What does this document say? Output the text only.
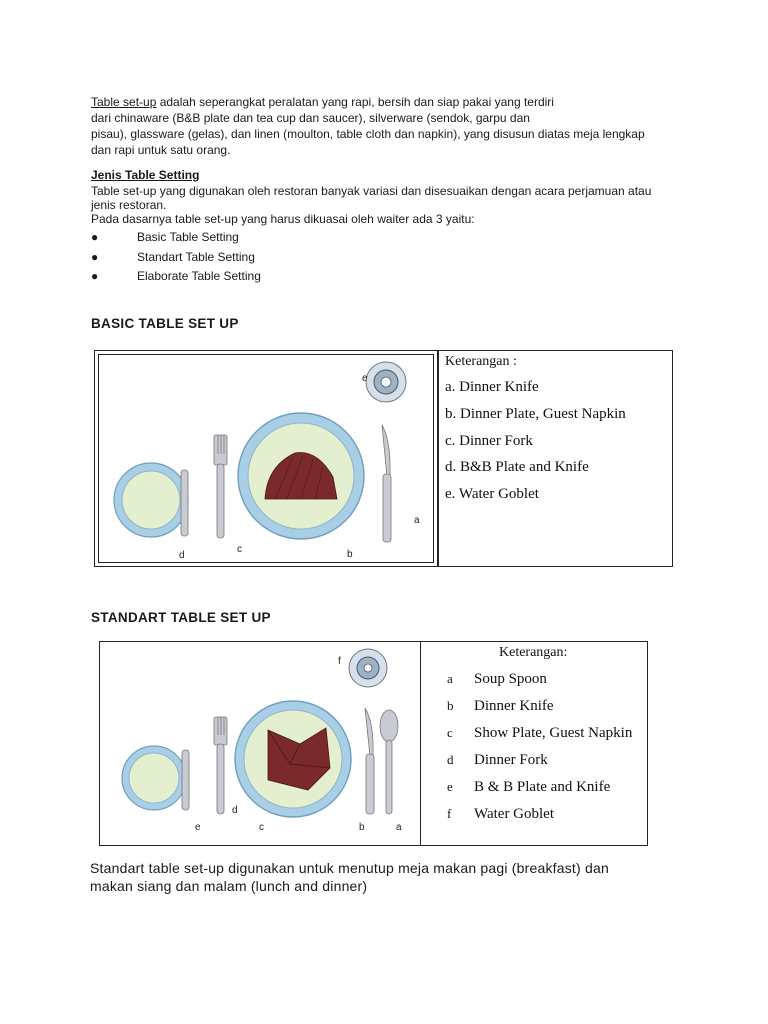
Table set-up adalah seperangkat peralatan yang rapi, bersih dan siap pakai yang terdiri
dari chinaware (B&B plate dan tea cup dan saucer), silverware (sendok, garpu dan
pisau), glassware (gelas), dan linen (moulton, table cloth dan napkin), yang disusun diatas meja lengkap
dan rapi untuk satu orang.
Jenis Table Setting
Table set-up yang digunakan oleh restoran banyak variasi dan disesuaikan dengan acara perjamuan atau
jenis restoran.
Pada dasarnya table set-up yang harus dikuasai oleh waiter ada 3 yaitu:
●	Basic Table Setting
●	Standart Table Setting
●	Elaborate Table Setting
BASIC TABLE SET UP
a
b
c
d
e
Keterangan :
a. Dinner Knife
b. Dinner Plate, Guest Napkin
c. Dinner Fork
d. B&B Plate and Knife
e. Water Goblet
STANDART TABLE SET UP
a
b
c
d
e
f
Keterangan:
a Soup Spoon
b Dinner Knife
c Show Plate, Guest Napkin
d Dinner Fork
e B & B Plate and Knife
f Water Goblet
Standart table set-up digunakan untuk menutup meja makan pagi (breakfast) dan
makan siang dan malam (lunch and dinner)
